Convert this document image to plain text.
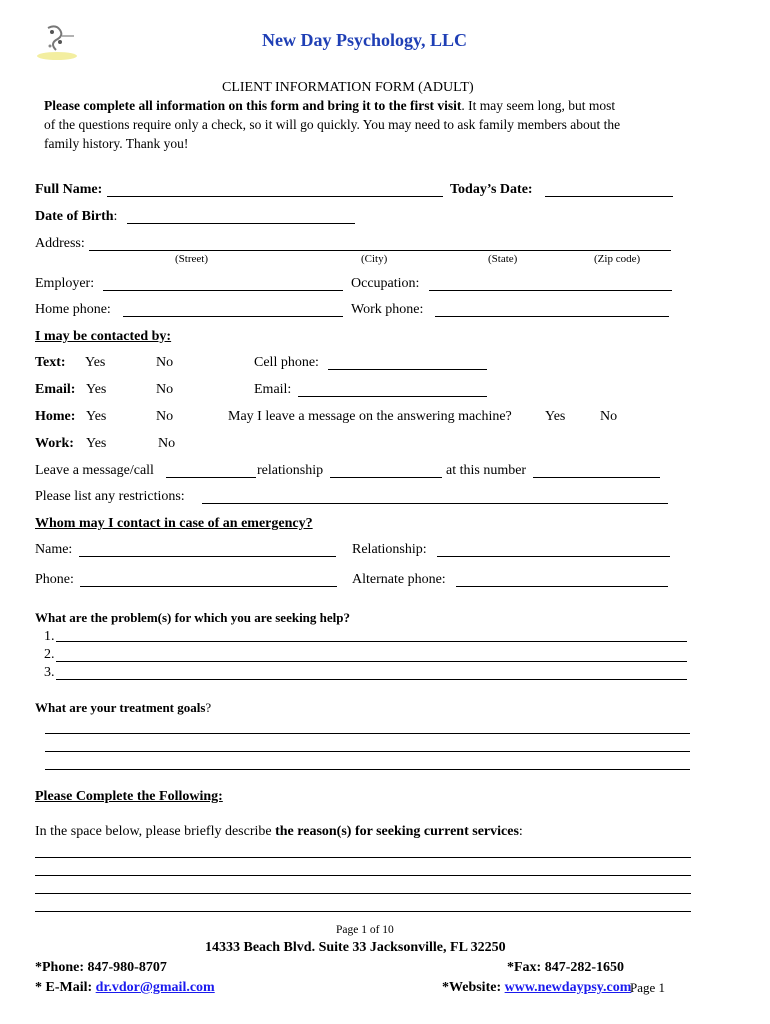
New Day Psychology, LLC
CLIENT INFORMATION FORM (ADULT)
Please complete all information on this form and bring it to the first visit. It may seem long, but most
of the questions require only a check, so it will go quickly. You may need to ask family members about the
family history. Thank you!
Full Name:	Today’s Date:
Date of Birth:
Address:
(Street)	(City)	(State)	(Zip code)
Employer:	Occupation:
Home phone:	Work phone:
I may be contacted by:
Text: Yes	No	Cell phone:
Email: Yes	No	Email:
Home: Yes	No	May I leave a message on the answering machine? Yes No
Work: Yes	No
Leave a message/call	relationship	at this number
Please list any restrictions:
Whom may I contact in case of an emergency?
Name:	Relationship:
Phone:	Alternate phone:
What are the problem(s) for which you are seeking help?
1.
2.
3.
What are your treatment goals?
Please Complete the Following:
In the space below, please briefly describe the reason(s) for seeking current services:
Page 1 of 10
14333 Beach Blvd. Suite 33 Jacksonville, FL 32250
*Phone: 847-980-8707	*Fax: 847-282-1650
* E-Mail: dr.vdor@gmail.com	*Website: www.newdaypsy.com
Page 1
